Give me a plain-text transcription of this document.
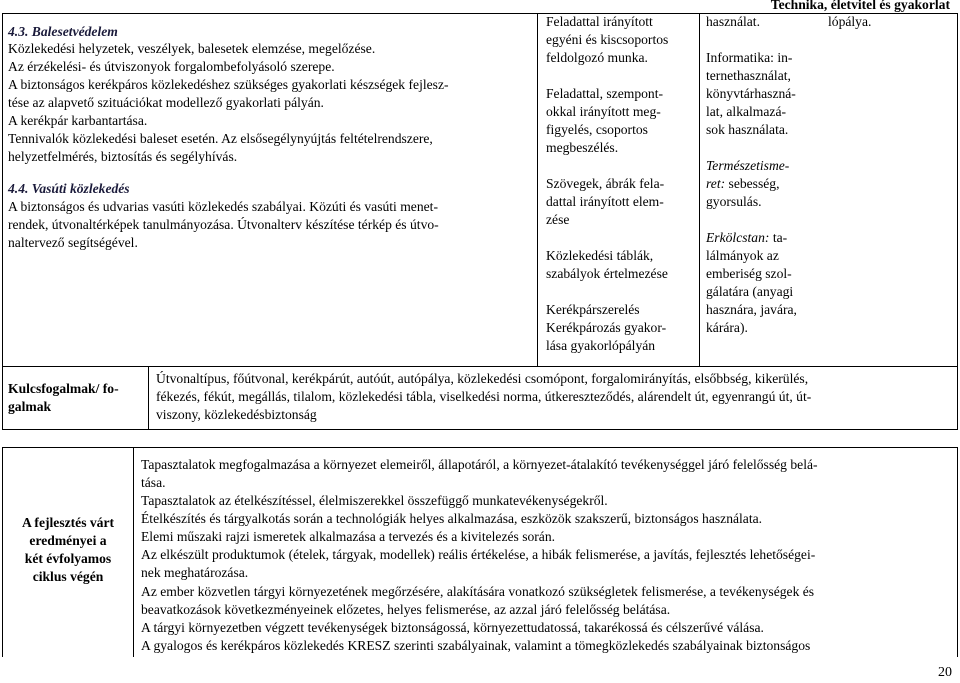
Technika, életvitel és gyakorlat
4.3. Balesetvédelem
Közlekedési helyzetek, veszélyek, balesetek elemzése, megelőzése.
Az érzékelési- és útviszonyok forgalombefolyásoló szerepe.
A biztonságos kerékpáros közlekedéshez szükséges gyakorlati készségek fejlesz-
tése az alapvető szituációkat modellező gyakorlati pályán.
A kerékpár karbantartása.
Tennivalók közlekedési baleset esetén. Az elsősegélynyújtás feltételrendszere,
helyzetfelmérés, biztosítás és segélyhívás.
4.4. Vasúti közlekedés
A biztonságos és udvarias vasúti közlekedés szabályai. Közúti és vasúti menet-
rendek, útvonaltérképek tanulmányozása. Útvonalterv készítése térkép és útvo-
naltervező segítségével.
Feladattal irányított
egyéni és kiscsoportos
feldolgozó munka.
Feladattal, szempont-
okkal irányított meg-
figyelés, csoportos
megbeszélés.
Szövegek, ábrák fela-
dattal irányított elem-
zése
Közlekedési táblák,
szabályok értelmezése
Kerékpárszerelés
Kerékpározás gyakor-
lása gyakorlópályán
használat.	lópálya.
Informatika: in-
ternethasználat,
könyvtárhaszná-
lat, alkalmazá-
sok használata.
Természetisme-
ret: sebesség,
gyorsulás.
Erkölcstan: ta-
lálmányok az
emberiség szol-
gálatára (anyagi
hasznára, javára,
kárára).
Kulcsfogalmak/ fo-
galmak
Útvonaltípus, főútvonal, kerékpárút, autóút, autópálya, közlekedési csomópont, forgalomirányítás, elsőbbség, kikerülés,
fékezés, fékút, megállás, tilalom, közlekedési tábla, viselkedési norma, útkereszteződés, alárendelt út, egyenrangú út, út-
viszony, közlekedésbiztonság
A fejlesztés várt
eredményei a
két évfolyamos
ciklus végén
Tapasztalatok megfogalmazása a környezet elemeiről, állapotáról, a környezet-átalakító tevékenységgel járó felelősség belá-
tása.
Tapasztalatok az ételkészítéssel, élelmiszerekkel összefüggő munkatevékenységekről.
Ételkészítés és tárgyalkotás során a technológiák helyes alkalmazása, eszközök szakszerű, biztonságos használata.
Elemi műszaki rajzi ismeretek alkalmazása a tervezés és a kivitelezés során.
Az elkészült produktumok (ételek, tárgyak, modellek) reális értékelése, a hibák felismerése, a javítás, fejlesztés lehetőségei-
nek meghatározása.
Az ember közvetlen tárgyi környezetének megőrzésére, alakítására vonatkozó szükségletek felismerése, a tevékenységek és
beavatkozások következményeinek előzetes, helyes felismerése, az azzal járó felelősség belátása.
A tárgyi környezetben végzett tevékenységek biztonságossá, környezettudatossá, takarékossá és célszerűvé válása.
A gyalogos és kerékpáros közlekedés KRESZ szerinti szabályainak, valamint a tömegközlekedés szabályainak biztonságos
20
